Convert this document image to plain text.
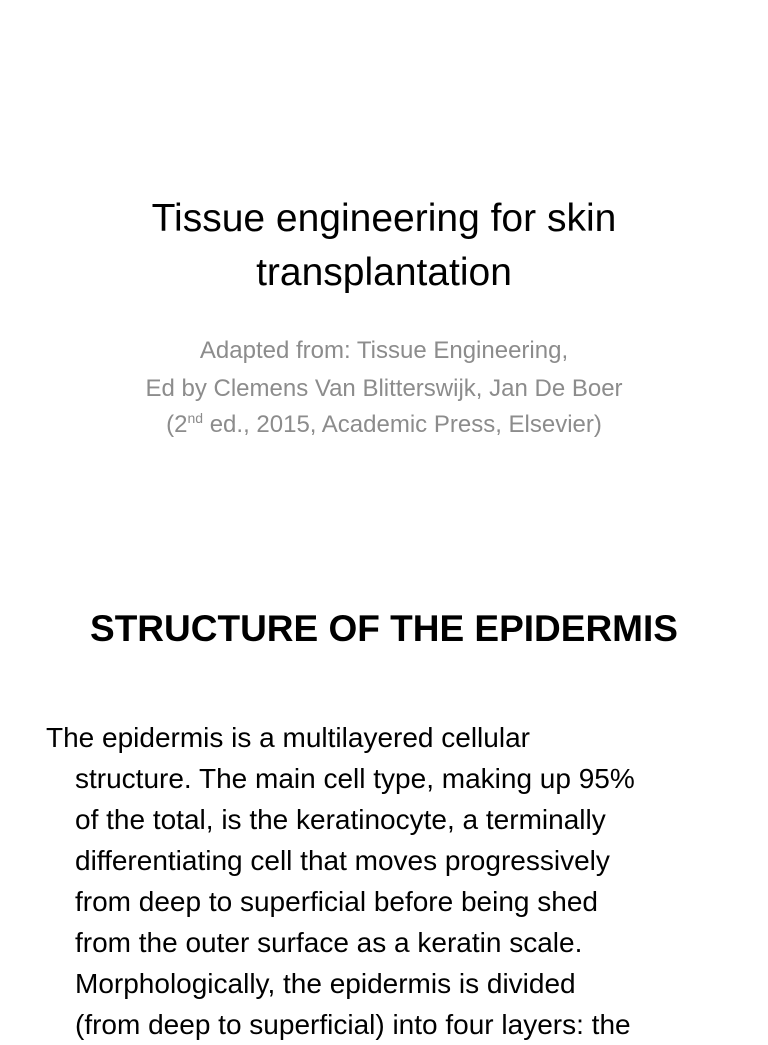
Tissue engineering for skin
transplantation
Adapted from: Tissue Engineering,
Ed by Clemens Van Blitterswijk, Jan De Boer
(2nd ed., 2015, Academic Press, Elsevier)
STRUCTURE OF THE EPIDERMIS
The epidermis is a multilayered cellular
structure. The main cell type, making up 95%
of the total, is the keratinocyte, a terminally
differentiating cell that moves progressively
from deep to superficial before being shed
from the outer surface as a keratin scale.
Morphologically, the epidermis is divided
(from deep to superficial) into four layers: the
